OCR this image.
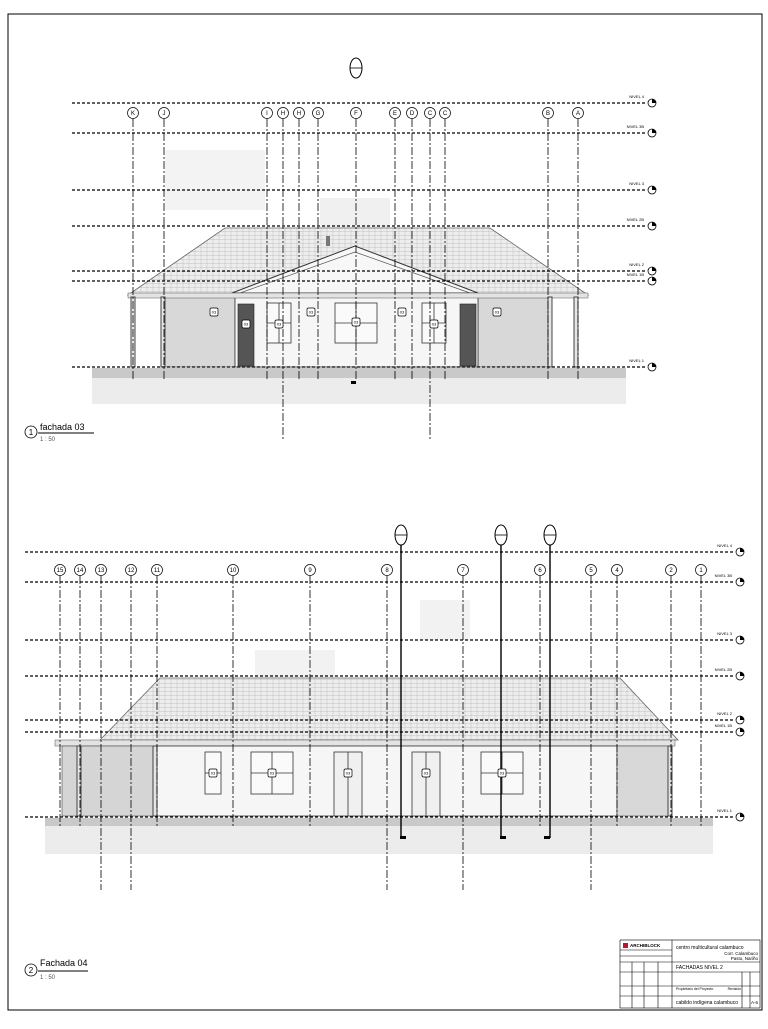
NIVEL 4
NIVEL 3B
NIVEL 3
NIVEL 2B
NIVEL 2
NIVEL 1B
NIVEL 1
K	J	I H H G	F	E D C C	B	A
03
03	03
03
03
03
03
03
1
fachada 03
1 : 50
NIVEL 4
NIVEL 3B
NIVEL 3
NIVEL 2B
NIVEL 2
NIVEL 1B
NIVEL 1
15 14 13	12	11	10	9	8	7	6	5	4	2	1
03	03	03	03	03
2
Fachada 04
1 : 50
ARCHIBLOCK	centro multicultural calambuco
Corr. Calambuco
Pasto, Nariño
FACHADAS NIVEL 2
Propietario del Proyecto	Revisión
cabildo indígena calambuco	A-6
